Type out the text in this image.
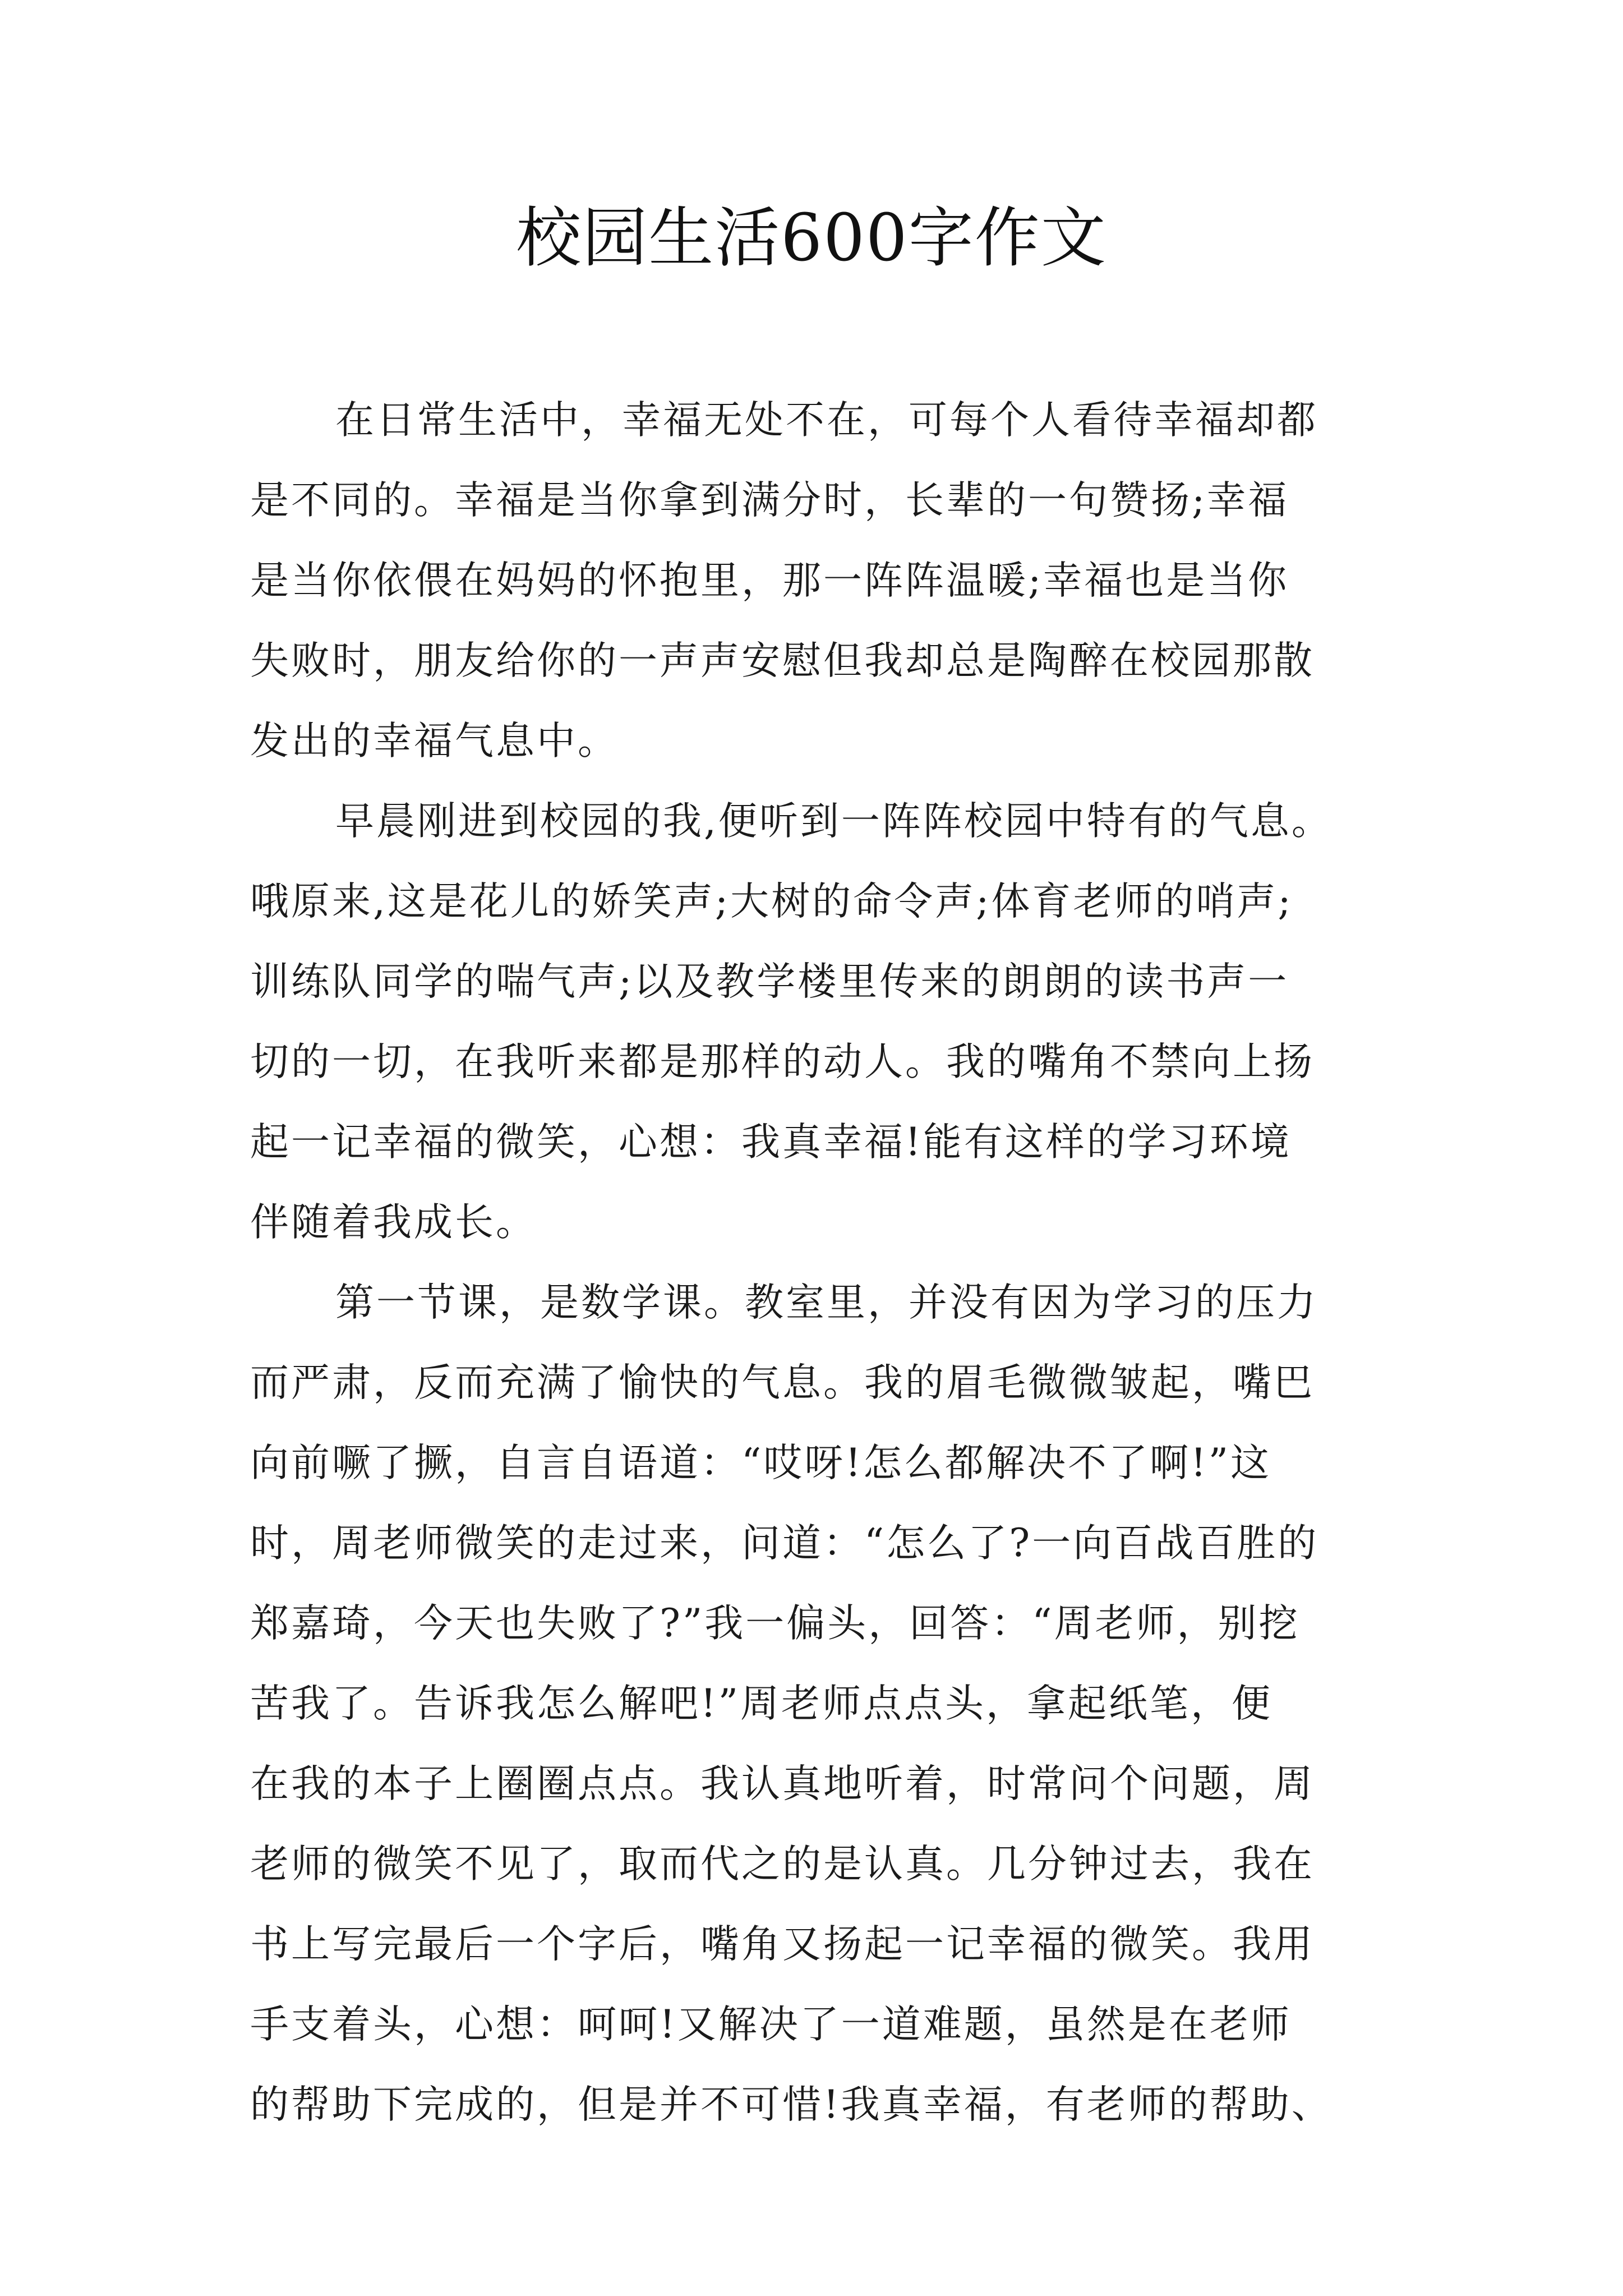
校园生活600字作文
在日常生活中，幸福无处不在，可每个人看待幸福却都
是不同的。幸福是当你拿到满分时，长辈的一句赞扬;幸福
是当你依偎在妈妈的怀抱里，那一阵阵温暖;幸福也是当你
失败时，朋友给你的一声声安慰但我却总是陶醉在校园那散
发出的幸福气息中。
早晨刚进到校园的我,便听到一阵阵校园中特有的气息。
哦原来,这是花儿的娇笑声;大树的命令声;体育老师的哨声;
训练队同学的喘气声;以及教学楼里传来的朗朗的读书声一
切的一切，在我听来都是那样的动人。我的嘴角不禁向上扬
起一记幸福的微笑，心想：我真幸福!能有这样的学习环境
伴随着我成长。
第一节课，是数学课。教室里，并没有因为学习的压力
而严肃，反而充满了愉快的气息。我的眉毛微微皱起，嘴巴
向前噘了撅，自言自语道：“哎呀!怎么都解决不了啊!”这
时，周老师微笑的走过来，问道：“怎么了?一向百战百胜的
郑嘉琦，今天也失败了?”我一偏头，回答：“周老师，别挖
苦我了。告诉我怎么解吧!”周老师点点头，拿起纸笔，便
在我的本子上圈圈点点。我认真地听着，时常问个问题，周
老师的微笑不见了，取而代之的是认真。几分钟过去，我在
书上写完最后一个字后，嘴角又扬起一记幸福的微笑。我用
手支着头，心想：呵呵!又解决了一道难题，虽然是在老师
的帮助下完成的，但是并不可惜!我真幸福，有老师的帮助、
